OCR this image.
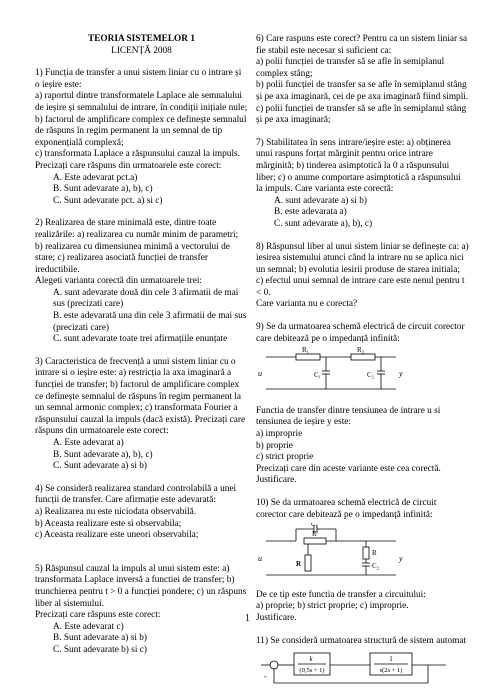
TEORIA SISTEMELOR 1

LICENȚĂ 2008

1) Funcția de transfer a unui sistem liniar cu o intrare și o ieșire este:

a) raportul dintre transformatele Laplace ale semnalului de ieșire și semnalului de intrare, în condiții inițiale nule;

b) factorul de amplificare complex ce definește semnalul de răspuns în regim permanent la un semnal de tip exponențială complexă;

c) transformata Laplace a răspunsului cauzal la impuls.

Precizați care răspuns din urmatoarele este corect:

A. Este adevarat pct.a)

B. Sunt adevarate a), b), c)

C. Sunt adevarate pct. a) si c)

2) Realizarea de stare minimală este, dintre toate realizările: a) realizarea cu număr minim de parametri; b) realizarea cu dimensiunea minimă a vectorului de stare; c) realizarea asociată funcției de transfer ireductibile.

Alegeti varianta corectă din urmatoarele trei:

A. sunt adevarate două din cele 3 afirmatii de mai sus (precizati care)

B. este adevarată una din cele 3 afirmatii de mai sus (precizati care)

C. sunt adevarate toate trei afirmațiile enunțate

3) Caracteristica de frecvență a unui sistem liniar cu o intrare si o ieșire este: a) restricția la axa imaginară a funcției de transfer; b) factorul de amplificare complex ce definește semnalul de răspuns în regim permanent la un semnal armonic complex; c) transformata Fourier a răspunsului cauzal la impuls (dacă există). Precizați care răspuns din urmatoarele este corect:

A. Este adevarat a)

B. Sunt adevarate a), b), c)

C. Sunt adevarate a) si b)

4) Se consideră realizarea standard controlabilă a unei funcții de transfer. Care afirmație este adevarată:

a) Realizarea nu este niciodata observabilă.

b) Aceasta realizare este si observabila;

c) Aceasta realizare este uneori observabila;

5) Răspunsul cauzal la impuls al unui sistem este: a) transformata Laplace inversă a functiei de transfer; b) trunchierea pentru t > 0 a funcției pondere; c) un răspuns liber al sistemului.

Precizați care răspuns este corect:

A. Este adevarat c)

B. Sunt adevarate a) si b)

C. Sunt adevarate b) si c)

6) Care raspuns este corect? Pentru ca un sistem liniar sa fie stabil este necesar si suficient ca:

a) polii funcției de transfer să se afle în semiplanul complex stâng;

b) polii funcției de transfer sa se afle în semiplanul stâng și pe axa imaginară, cei de pe axa imaginară fiind simpli.

c) polii funcției de transfer să se afle în semiplanul stâng și pe axa imaginară;

7) Stabilitatea în sens intrare/ieșire este: a) obținerea unui raspuns forțat mărginit pentru orice intrare mărginită; b) tinderea asimptotică la 0 a răspunsului liber; c) o anume comportare asimptotică a răspunsului la impuls. Care varianta este corectă:

A. sunt adevarate a) si b)

B. este adevarata a)

C. sunt adevarate a), b), c)

8) Răspunsul liber al unui sistem liniar se definește ca: a) iesirea sistemului atunci când la intrare nu se aplica nici un semnal; b) evolutia iesirii produse de starea initiala; c) efectul unui semnal de intrare care este nenul pentru t < 0.

Care varianta nu e corecta?

9) Se da urmatoarea schemă electrică de circuit corector care debitează pe o impedanță infinită:

u	y
R₁	R₂
C₁	C₂

Functia de transfer dintre tensiunea de intrare u si tensiunea de ieșire y este:

a) improprie

b) proprie

c) strict proprie

Precizați care din aceste variante este cea corectă. Justificare.

10) Se da urmatoarea schemă electrică de circuit corector care debitează pe o impedanță infinită:

u	y
C₁
R
R
R
C₂

De ce tip este functia de transfer a circuitului:

a) proprie; b) strict proprie; c) improprie.

Justificare.

11) Se consideră urmatoarea structură de sistem automat

k
(0,5s + 1)
1
s(2s + 1)
-
1
